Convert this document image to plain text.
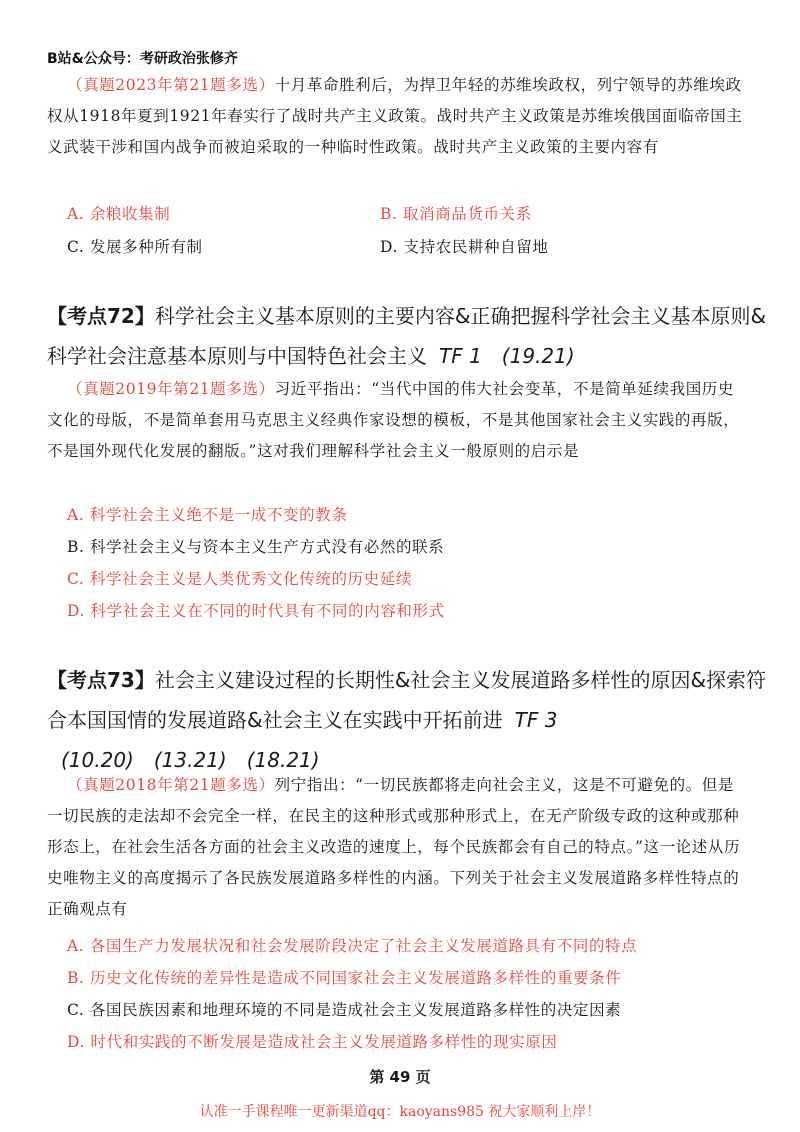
B站&公众号：考研政治张修齐
（真题2023年第21题多选）十月革命胜利后，为捍卫年轻的苏维埃政权，列宁领导的苏维埃政权从1918年夏到1921年春实行了战时共产主义政策。战时共产主义政策是苏维埃俄国面临帝国主义武装干涉和国内战争而被迫采取的一种临时性政策。战时共产主义政策的主要内容有
A. 余粮收集制	B. 取消商品货币关系
C. 发展多种所有制	D. 支持农民耕种自留地
【考点72】科学社会主义基本原则的主要内容&正确把握科学社会主义基本原则&科学社会注意基本原则与中国特色社会主义 TF 1　(19.21)
（真题2019年第21题多选）习近平指出：“当代中国的伟大社会变革，不是简单延续我国历史文化的母版，不是简单套用马克思主义经典作家设想的模板，不是其他国家社会主义实践的再版，不是国外现代化发展的翻版。”这对我们理解科学社会主义一般原则的启示是
A. 科学社会主义绝不是一成不变的教条
B. 科学社会主义与资本主义生产方式没有必然的联系
C. 科学社会主义是人类优秀文化传统的历史延续
D. 科学社会主义在不同的时代具有不同的内容和形式
【考点73】社会主义建设过程的长期性&社会主义发展道路多样性的原因&探索符合本国国情的发展道路&社会主义在实践中开拓前进 TF 3
(10.20)　(13.21)　(18.21)
（真题2018年第21题多选）列宁指出：“一切民族都将走向社会主义，这是不可避免的。但是一切民族的走法却不会完全一样，在民主的这种形式或那种形式上，在无产阶级专政的这种或那种形态上，在社会生活各方面的社会主义改造的速度上，每个民族都会有自己的特点。”这一论述从历史唯物主义的高度揭示了各民族发展道路多样性的内涵。下列关于社会主义发展道路多样性特点的正确观点有
A. 各国生产力发展状况和社会发展阶段决定了社会主义发展道路具有不同的特点
B. 历史文化传统的差异性是造成不同国家社会主义发展道路多样性的重要条件
C. 各国民族因素和地理环境的不同是造成社会主义发展道路多样性的决定因素
D. 时代和实践的不断发展是造成社会主义发展道路多样性的现实原因
第 49 页
认准一手课程唯一更新渠道qq：kaoyans985 祝大家顺利上岸！
